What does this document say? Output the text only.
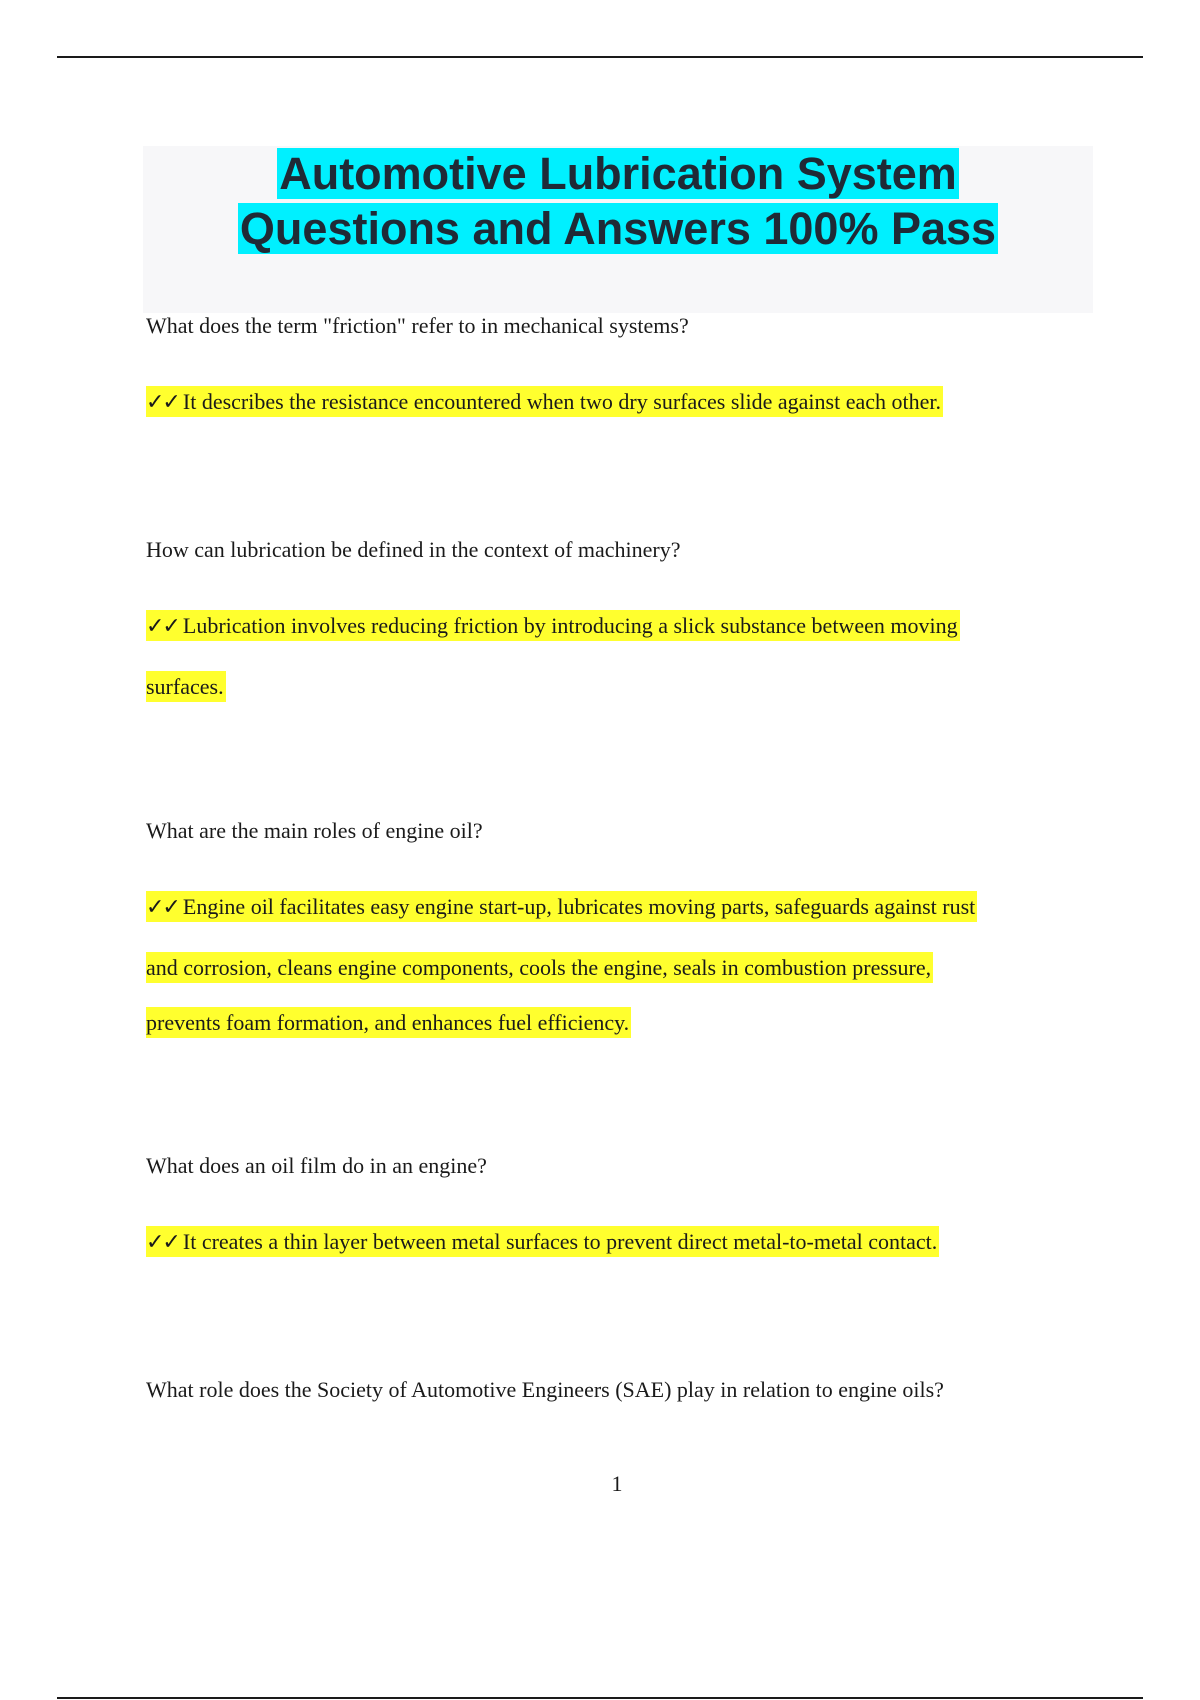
Automotive Lubrication System
Questions and Answers 100% Pass
What does the term "friction" refer to in mechanical systems?
✓✓ It describes the resistance encountered when two dry surfaces slide against each other.
How can lubrication be defined in the context of machinery?
✓✓ Lubrication involves reducing friction by introducing a slick substance between moving
surfaces.
What are the main roles of engine oil?
✓✓ Engine oil facilitates easy engine start-up, lubricates moving parts, safeguards against rust
and corrosion, cleans engine components, cools the engine, seals in combustion pressure,
prevents foam formation, and enhances fuel efficiency.
What does an oil film do in an engine?
✓✓ It creates a thin layer between metal surfaces to prevent direct metal-to-metal contact.
What role does the Society of Automotive Engineers (SAE) play in relation to engine oils?
1
